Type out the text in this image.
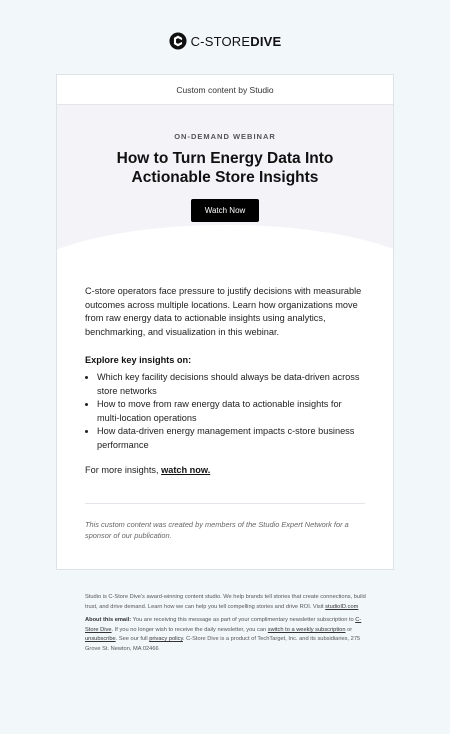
C-STOREDIVE
Custom content by Studio
ON-DEMAND WEBINAR
How to Turn Energy Data Into Actionable Store Insights
Watch Now

C-store operators face pressure to justify decisions with measurable outcomes across multiple locations. Learn how organizations move from raw energy data to actionable insights using analytics, benchmarking, and visualization in this webinar.

Explore key insights on:

• Which key facility decisions should always be data-driven across store networks
• How to move from raw energy data to actionable insights for multi-location operations
• How data-driven energy management impacts c-store business performance

For more insights, watch now.

This custom content was created by members of the Studio Expert Network for a sponsor of our publication.

Studio is C-Store Dive's award-winning content studio. We help brands tell stories that create connections, build trust, and drive demand. Learn how we can help you tell compelling stories and drive ROI. Visit studioID.com

About this email: You are receiving this message as part of your complimentary newsletter subscription to C-Store Dive. If you no longer wish to receive the daily newsletter, you can switch to a weekly subscription or unsubscribe. See our full privacy policy. C-Store Dive is a product of TechTarget, Inc. and its subsidiaries, 275 Grove St. Newton, MA 02466
